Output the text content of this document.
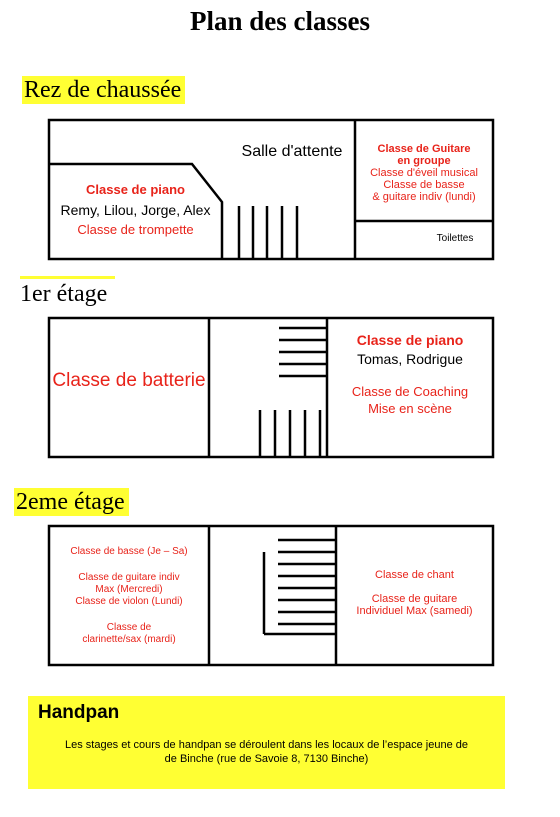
Plan des classes
Rez de chaussée
1er étage
2eme étage
Salle d'attente
Classe de piano
Remy, Lilou, Jorge, Alex
Classe de trompette
Classe de Guitare
en groupe
Classe d'éveil musical
Classe de basse
& guitare indiv (lundi)
Toilettes
Classe de batterie
Classe de piano
Tomas, Rodrigue
Classe de Coaching
Mise en scène
Classe de basse (Je – Sa)
Classe de guitare indiv
Max (Mercredi)
Classe de violon (Lundi)
Classe de
clarinette/sax (mardi)
Classe de chant
Classe de guitare
Individuel Max (samedi)
Handpan
Les stages et cours de handpan se déroulent dans les locaux de l’espace jeune de
de Binche (rue de Savoie 8, 7130 Binche)
